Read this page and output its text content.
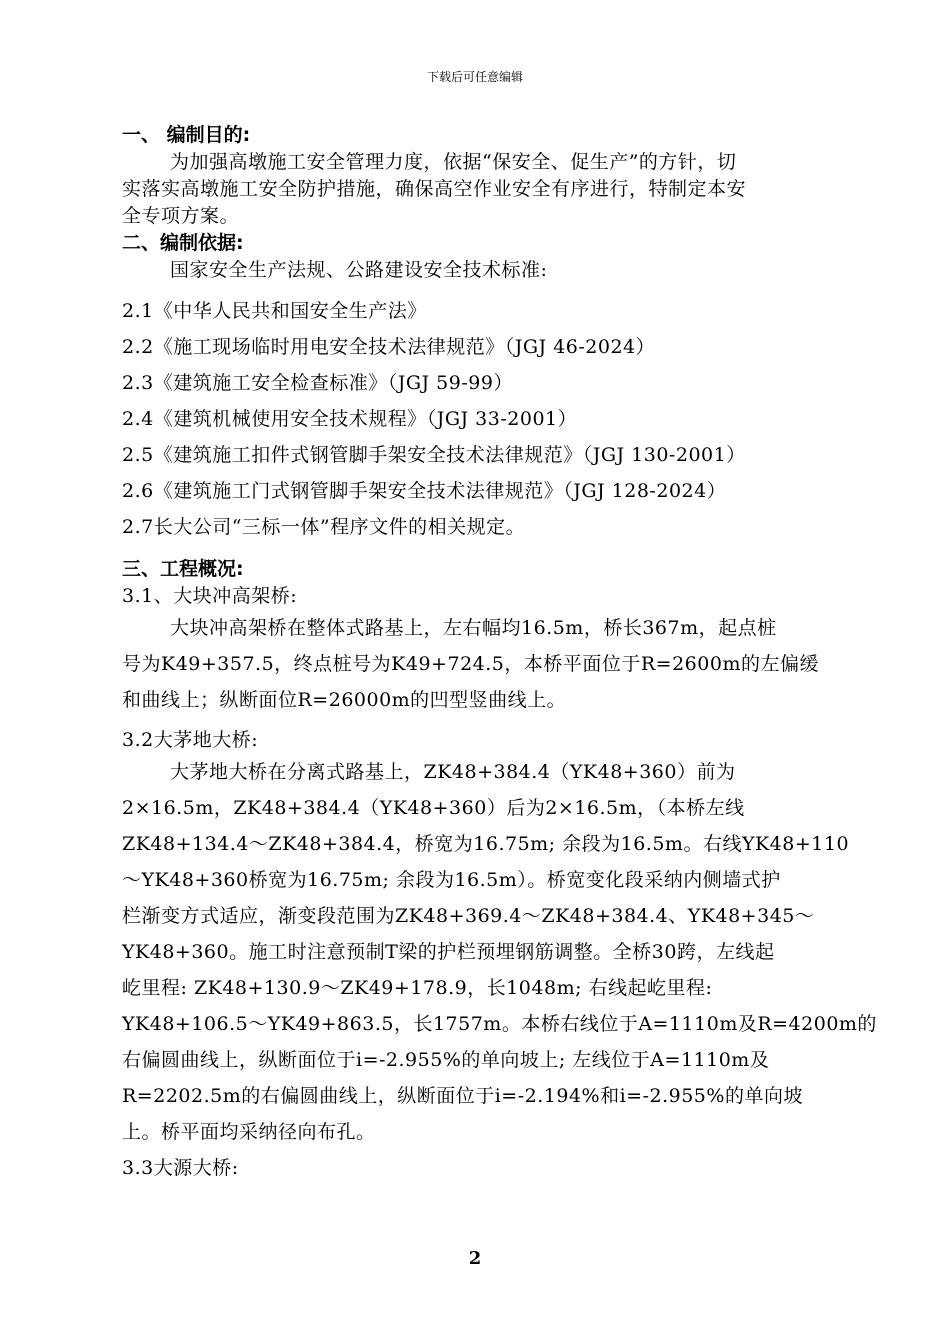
下载后可任意编辑
一、 编制目的:
为加强高墩施工安全管理力度，依据“保安全、促生产”的方针，切
实落实高墩施工安全防护措施，确保高空作业安全有序进行，特制定本安
全专项方案。
二、编制依据:
国家安全生产法规、公路建设安全技术标准:
2.1《中华人民共和国安全生产法》
2.2《施工现场临时用电安全技术法律规范》（JGJ 46-2024）
2.3《建筑施工安全检查标准》（JGJ 59-99）
2.4《建筑机械使用安全技术规程》（JGJ 33-2001）
2.5《建筑施工扣件式钢管脚手架安全技术法律规范》（JGJ 130-2001）
2.6《建筑施工门式钢管脚手架安全技术法律规范》（JGJ 128-2024）
2.7长大公司“三标一体”程序文件的相关规定。
三、工程概况:
3.1、大块冲高架桥:
大块冲高架桥在整体式路基上，左右幅均16.5m，桥长367m，起点桩
号为K49+357.5，终点桩号为K49+724.5，本桥平面位于R=2600m的左偏缓
和曲线上；纵断面位R=26000m的凹型竖曲线上。
3.2大茅地大桥:
大茅地大桥在分离式路基上，ZK48+384.4（YK48+360）前为
2×16.5m，ZK48+384.4（YK48+360）后为2×16.5m，（本桥左线
ZK48+134.4～ZK48+384.4，桥宽为16.75m; 余段为16.5m。右线YK48+110
～YK48+360桥宽为16.75m; 余段为16.5m）。桥宽变化段采纳内侧墙式护
栏渐变方式适应，渐变段范围为ZK48+369.4～ZK48+384.4、YK48+345～
YK48+360。施工时注意预制T梁的护栏预埋钢筋调整。全桥30跨，左线起
屹里程: ZK48+130.9～ZK49+178.9，长1048m; 右线起屹里程:
YK48+106.5～YK49+863.5，长1757m。本桥右线位于A=1110m及R=4200m的
右偏圆曲线上，纵断面位于i=-2.955%的单向坡上; 左线位于A=1110m及
R=2202.5m的右偏圆曲线上，纵断面位于i=-2.194%和i=-2.955%的单向坡
上。桥平面均采纳径向布孔。
3.3大源大桥:
2
